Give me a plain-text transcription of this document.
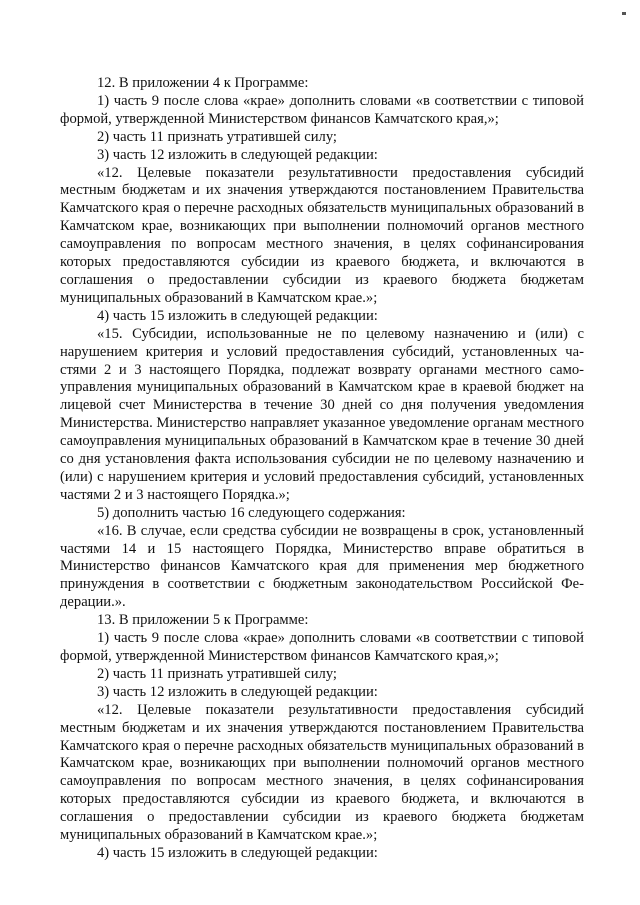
12. В приложении 4 к Программе:

1) часть 9 после слова «крае» дополнить словами «в соответствии с типовой формой, утвержденной Министерством финансов Камчатского края,»;

2) часть 11 признать утратившей силу;

3) часть 12 изложить в следующей редакции:

«12. Целевые показатели результативности предоставления субсидий местным бюджетам и их значения утверждаются постановлением Правительства Камчатского края о перечне расходных обязательств муниципальных образований в Камчатском крае, возникающих при выполнении полномочий органов местного самоуправления по вопросам местного значения, в целях софинансирования которых предоставляются субсидии из краевого бюджета, и включаются в соглашения о предоставлении субсидии из краевого бюджета бюджетам муниципальных образований в Камчатском крае.»;

4) часть 15 изложить в следующей редакции:

«15. Субсидии, использованные не по целевому назначению и (или) с нарушением критерия и условий предоставления субсидий, установленных частями 2 и 3 настоящего Порядка, подлежат возврату органами местного самоуправления муниципальных образований в Камчатском крае в краевой бюджет на лицевой счет Министерства в течение 30 дней со дня получения уведомления Министерства. Министерство направляет указанное уведомление органам местного самоуправления муниципальных образований в Камчатском крае в течение 30 дней со дня установления факта использования субсидии не по целевому назначению и (или) с нарушением критерия и условий предоставления субсидий, установленных частями 2 и 3 настоящего Порядка.»;

5) дополнить частью 16 следующего содержания:

«16. В случае, если средства субсидии не возвращены в срок, установленный частями 14 и 15 настоящего Порядка, Министерство вправе обратиться в Министерство финансов Камчатского края для применения мер бюджетного принуждения в соответствии с бюджетным законодательством Российской Федерации.».

13. В приложении 5 к Программе:

1) часть 9 после слова «крае» дополнить словами «в соответствии с типовой формой, утвержденной Министерством финансов Камчатского края,»;

2) часть 11 признать утратившей силу;

3) часть 12 изложить в следующей редакции:

«12. Целевые показатели результативности предоставления субсидий местным бюджетам и их значения утверждаются постановлением Правительства Камчатского края о перечне расходных обязательств муниципальных образований в Камчатском крае, возникающих при выполнении полномочий органов местного самоуправления по вопросам местного значения, в целях софинансирования которых предоставляются субсидии из краевого бюджета, и включаются в соглашения о предоставлении субсидии из краевого бюджета бюджетам муниципальных образований в Камчатском крае.»;

4) часть 15 изложить в следующей редакции:
